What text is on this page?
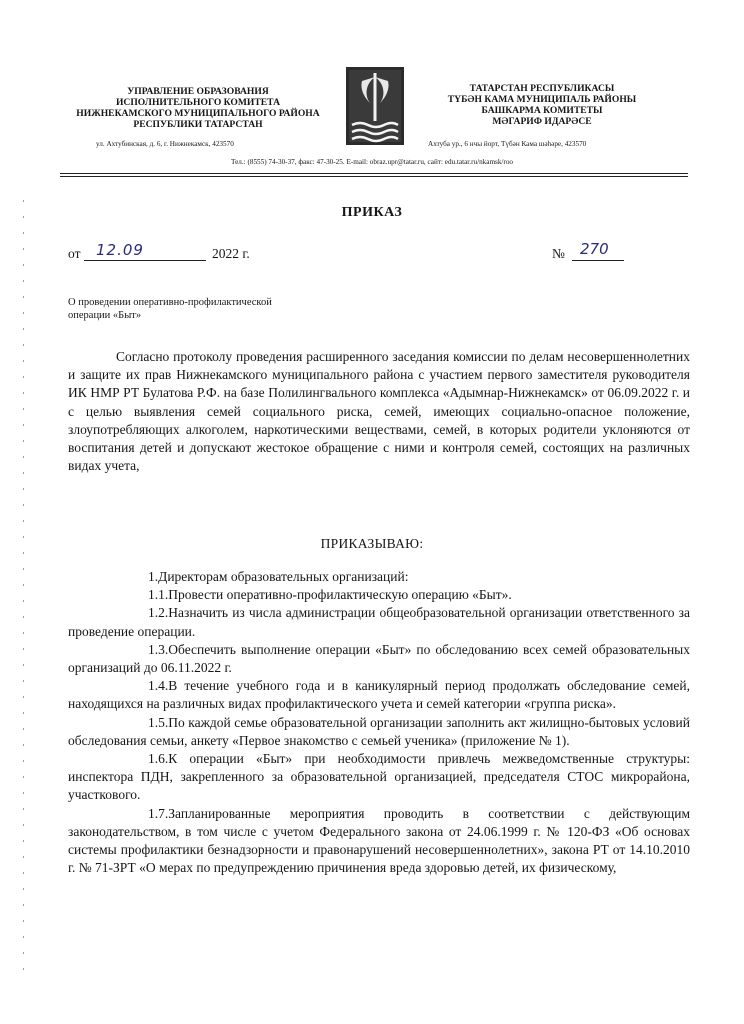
УПРАВЛЕНИЕ ОБРАЗОВАНИЯ
ИСПОЛНИТЕЛЬНОГО КОМИТЕТА
НИЖНЕКАМСКОГО МУНИЦИПАЛЬНОГО РАЙОНА
РЕСПУБЛИКИ ТАТАРСТАН
ул. Ахтубинская, д. 6, г. Нижнекамск, 423570
ТАТАРСТАН РЕСПУБЛИКАСЫ
ТҮБӘН КАМА МУНИЦИПАЛЬ РАЙОНЫ
БАШКАРМА КОМИТЕТЫ
МӘГАРИФ ИДАРӘСЕ
Ахтуба ур., 6 нчы йорт, Түбән Кама шәһәре, 423570
Тел.: (8555) 74-30-37, факс: 47-30-25. E-mail: obraz.upr@tatar.ru, сайт: edu.tatar.ru/nkamsk/roo
ПРИКАЗ
от 12.09	2022 г.	№ 270
О проведении оперативно-профилактической
операции «Быт»
Согласно протоколу проведения расширенного заседания комиссии по делам несовершеннолетних и защите их прав Нижнекамского муниципального района с участием первого заместителя руководителя ИК НМР РТ Булатова Р.Ф. на базе Полилингвального комплекса «Адымнар-Нижнекамск» от 06.09.2022 г. и с целью выявления семей социального риска, семей, имеющих социально-опасное положение, злоупотребляющих алкоголем, наркотическими веществами, семей, в которых родители уклоняются от воспитания детей и допускают жестокое обращение с ними и контроля семей, состоящих на различных видах учета,
ПРИКАЗЫВАЮ:

1.Директорам образовательных организаций:

1.1.Провести оперативно-профилактическую операцию «Быт».

1.2.Назначить из числа администрации общеобразовательной организации ответственного за проведение операции.

1.3.Обеспечить выполнение операции «Быт» по обследованию всех семей образовательных организаций до 06.11.2022 г.

1.4.В течение учебного года и в каникулярный период продолжать обследование семей, находящихся на различных видах профилактического учета и семей категории «группа риска».

1.5.По каждой семье образовательной организации заполнить акт жилищно-бытовых условий обследования семьи, анкету «Первое знакомство с семьей ученика» (приложение № 1).

1.6.К операции «Быт» при необходимости привлечь межведомственные структуры: инспектора ПДН, закрепленного за образовательной организацией, председателя СТОС микрорайона, участкового.

1.7.Запланированные мероприятия проводить в соответствии с действующим законодательством, в том числе с учетом Федерального закона от 24.06.1999 г. № 120-ФЗ «Об основах системы профилактики безнадзорности и правонарушений несовершеннолетних», закона РТ от 14.10.2010 г. № 71-ЗРТ «О мерах по предупреждению причинения вреда здоровью детей, их физическому,
